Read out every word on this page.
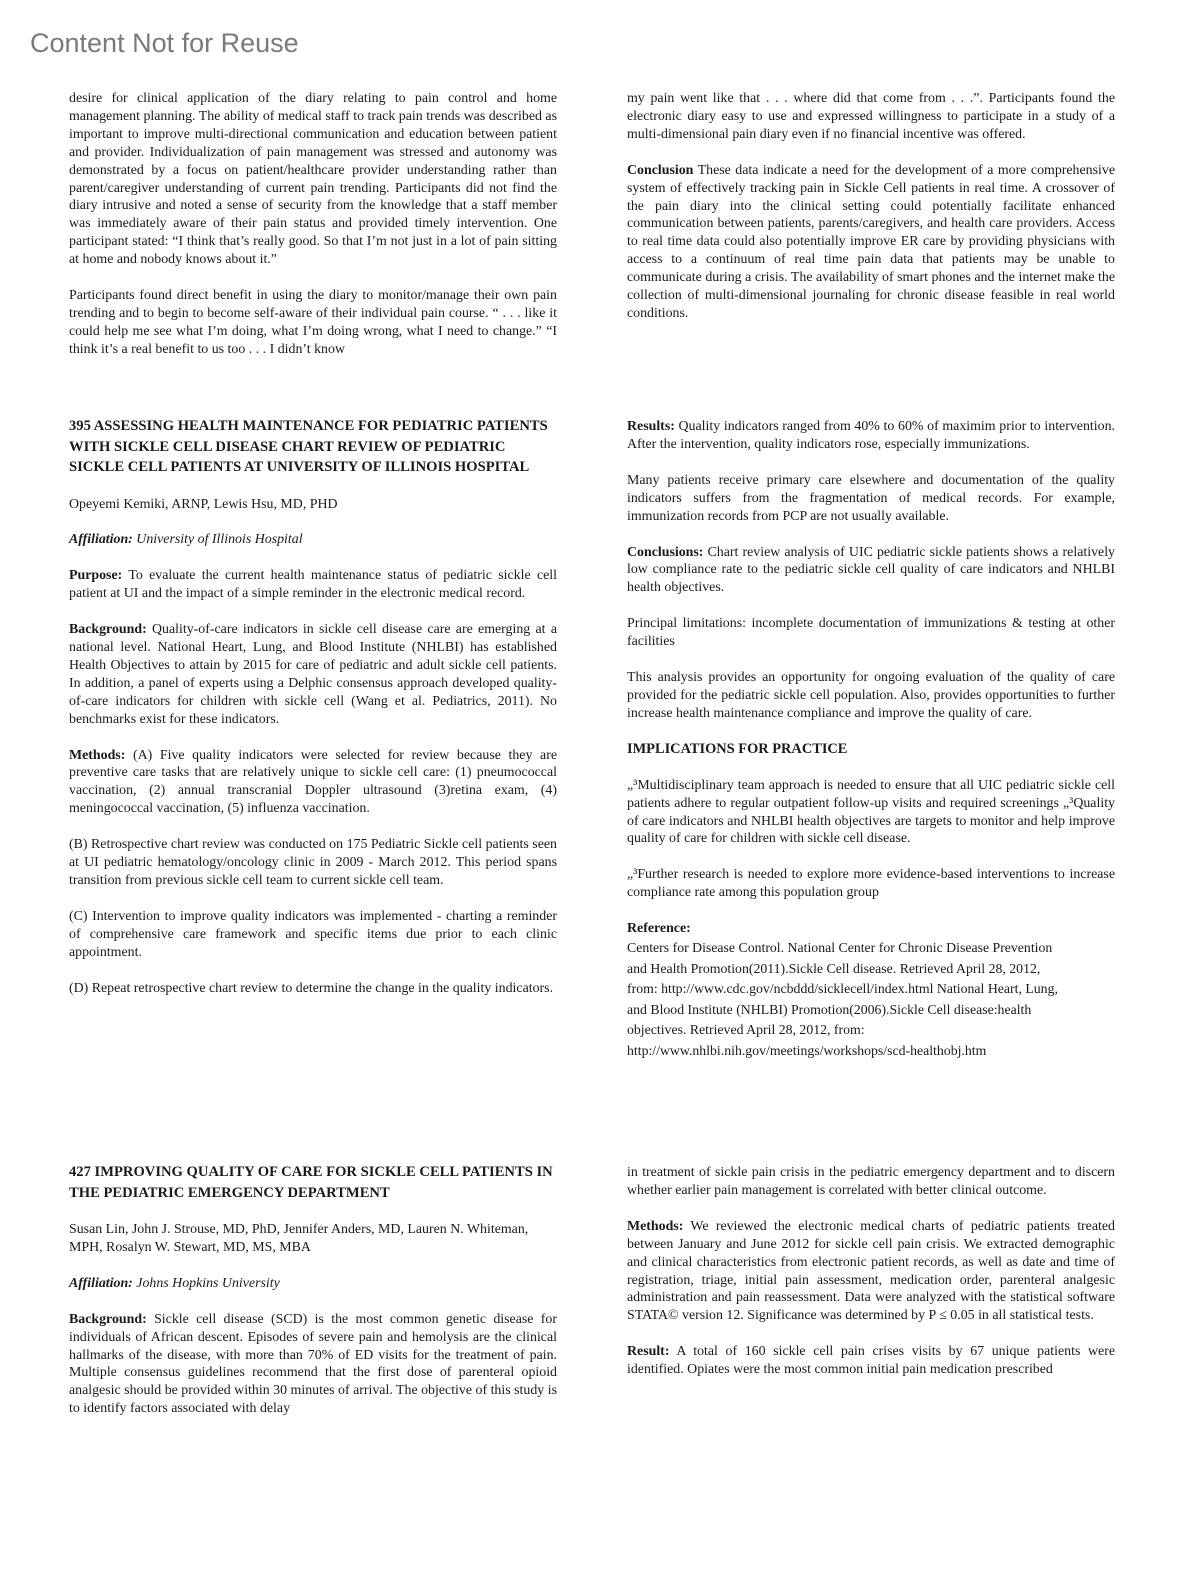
Content Not for Reuse

desire for clinical application of the diary relating to pain control and home management planning. The ability of medical staff to track pain trends was described as important to improve multi-directional communication and education between patient and provider. Individualization of pain management was stressed and autonomy was demonstrated by a focus on patient/healthcare provider understanding rather than parent/caregiver understanding of current pain trending. Participants did not find the diary intrusive and noted a sense of security from the knowledge that a staff member was immediately aware of their pain status and provided timely intervention. One participant stated: “I think that’s really good. So that I’m not just in a lot of pain sitting at home and nobody knows about it.”

Participants found direct benefit in using the diary to monitor/manage their own pain trending and to begin to become self-aware of their individual pain course. “ . . . like it could help me see what I’m doing, what I’m doing wrong, what I need to change.” “I think it’s a real benefit to us too . . . I didn’t know

my pain went like that . . . where did that come from . . .”. Participants found the electronic diary easy to use and expressed willingness to participate in a study of a multi-dimensional pain diary even if no financial incentive was offered.

Conclusion These data indicate a need for the development of a more comprehensive system of effectively tracking pain in Sickle Cell patients in real time. A crossover of the pain diary into the clinical setting could potentially facilitate enhanced communication between patients, parents/caregivers, and health care providers. Access to real time data could also potentially improve ER care by providing physicians with access to a continuum of real time pain data that patients may be unable to communicate during a crisis. The availability of smart phones and the internet make the collection of multi-dimensional journaling for chronic disease feasible in real world conditions.

395 ASSESSING HEALTH MAINTENANCE FOR PEDIATRIC PATIENTS WITH SICKLE CELL DISEASE CHART REVIEW OF PEDIATRIC SICKLE CELL PATIENTS AT UNIVERSITY OF ILLINOIS HOSPITAL

Opeyemi Kemiki, ARNP, Lewis Hsu, MD, PHD

Affiliation: University of Illinois Hospital

Purpose: To evaluate the current health maintenance status of pediatric sickle cell patient at UI and the impact of a simple reminder in the electronic medical record.

Background: Quality-of-care indicators in sickle cell disease care are emerging at a national level. National Heart, Lung, and Blood Institute (NHLBI) has established Health Objectives to attain by 2015 for care of pediatric and adult sickle cell patients. In addition, a panel of experts using a Delphic consensus approach developed quality-of-care indicators for children with sickle cell (Wang et al. Pediatrics, 2011). No benchmarks exist for these indicators.

Methods: (A) Five quality indicators were selected for review because they are preventive care tasks that are relatively unique to sickle cell care: (1) pneumococcal vaccination, (2) annual transcranial Doppler ultrasound (3)retina exam, (4) meningococcal vaccination, (5) influenza vaccination.

(B) Retrospective chart review was conducted on 175 Pediatric Sickle cell patients seen at UI pediatric hematology/oncology clinic in 2009 - March 2012. This period spans transition from previous sickle cell team to current sickle cell team.

(C) Intervention to improve quality indicators was implemented - charting a reminder of comprehensive care framework and specific items due prior to each clinic appointment.

(D) Repeat retrospective chart review to determine the change in the quality indicators.

Results: Quality indicators ranged from 40% to 60% of maximim prior to intervention. After the intervention, quality indicators rose, especially immunizations.

Many patients receive primary care elsewhere and documentation of the quality indicators suffers from the fragmentation of medical records. For example, immunization records from PCP are not usually available.

Conclusions: Chart review analysis of UIC pediatric sickle patients shows a relatively low compliance rate to the pediatric sickle cell quality of care indicators and NHLBI health objectives.

Principal limitations: incomplete documentation of immunizations & testing at other facilities

This analysis provides an opportunity for ongoing evaluation of the quality of care provided for the pediatric sickle cell population. Also, provides opportunities to further increase health maintenance compliance and improve the quality of care.

IMPLICATIONS FOR PRACTICE

„³Multidisciplinary team approach is needed to ensure that all UIC pediatric sickle cell patients adhere to regular outpatient follow-up visits and required screenings „³Quality of care indicators and NHLBI health objectives are targets to monitor and help improve quality of care for children with sickle cell disease.

„³Further research is needed to explore more evidence-based interventions to increase compliance rate among this population group

Reference:
Centers for Disease Control. National Center for Chronic Disease Prevention
and Health Promotion(2011).Sickle Cell disease. Retrieved April 28, 2012,
from: http://www.cdc.gov/ncbddd/sicklecell/index.html National Heart, Lung,
and Blood Institute (NHLBI) Promotion(2006).Sickle Cell disease:health
objectives. Retrieved April 28, 2012, from:
http://www.nhlbi.nih.gov/meetings/workshops/scd-healthobj.htm
427 IMPROVING QUALITY OF CARE FOR SICKLE CELL PATIENTS IN THE PEDIATRIC EMERGENCY DEPARTMENT

Susan Lin, John J. Strouse, MD, PhD, Jennifer Anders, MD, Lauren N. Whiteman, MPH, Rosalyn W. Stewart, MD, MS, MBA

Affiliation: Johns Hopkins University

Background: Sickle cell disease (SCD) is the most common genetic disease for individuals of African descent. Episodes of severe pain and hemolysis are the clinical hallmarks of the disease, with more than 70% of ED visits for the treatment of pain. Multiple consensus guidelines recommend that the first dose of parenteral opioid analgesic should be provided within 30 minutes of arrival. The objective of this study is to identify factors associated with delay

in treatment of sickle pain crisis in the pediatric emergency department and to discern whether earlier pain management is correlated with better clinical outcome.

Methods: We reviewed the electronic medical charts of pediatric patients treated between January and June 2012 for sickle cell pain crisis. We extracted demographic and clinical characteristics from electronic patient records, as well as date and time of registration, triage, initial pain assessment, medication order, parenteral analgesic administration and pain reassessment. Data were analyzed with the statistical software STATA© version 12. Significance was determined by P ≤ 0.05 in all statistical tests.

Result: A total of 160 sickle cell pain crises visits by 67 unique patients were identified. Opiates were the most common initial pain medication prescribed
